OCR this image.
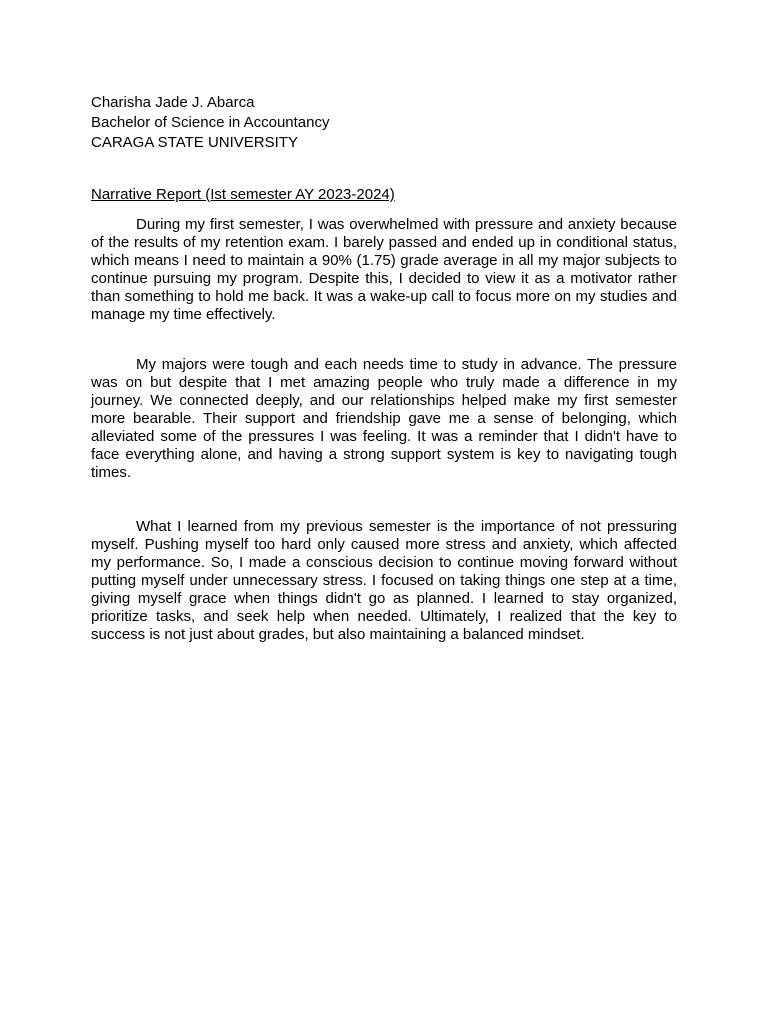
Charisha Jade J. Abarca

Bachelor of Science in Accountancy

CARAGA STATE UNIVERSITY

Narrative Report (Ist semester AY 2023-2024)

During my first semester, I was overwhelmed with pressure and anxiety because of the results of my retention exam. I barely passed and ended up in conditional status, which means I need to maintain a 90% (1.75) grade average in all my major subjects to continue pursuing my program. Despite this, I decided to view it as a motivator rather than something to hold me back. It was a wake-up call to focus more on my studies and manage my time effectively.

My majors were tough and each needs time to study in advance. The pressure was on but despite that I met amazing people who truly made a difference in my journey. We connected deeply, and our relationships helped make my first semester more bearable. Their support and friendship gave me a sense of belonging, which alleviated some of the pressures I was feeling. It was a reminder that I didn't have to face everything alone, and having a strong support system is key to navigating tough times.

What I learned from my previous semester is the importance of not pressuring myself. Pushing myself too hard only caused more stress and anxiety, which affected my performance. So, I made a conscious decision to continue moving forward without putting myself under unnecessary stress. I focused on taking things one step at a time, giving myself grace when things didn't go as planned. I learned to stay organized, prioritize tasks, and seek help when needed. Ultimately, I realized that the key to success is not just about grades, but also maintaining a balanced mindset.
